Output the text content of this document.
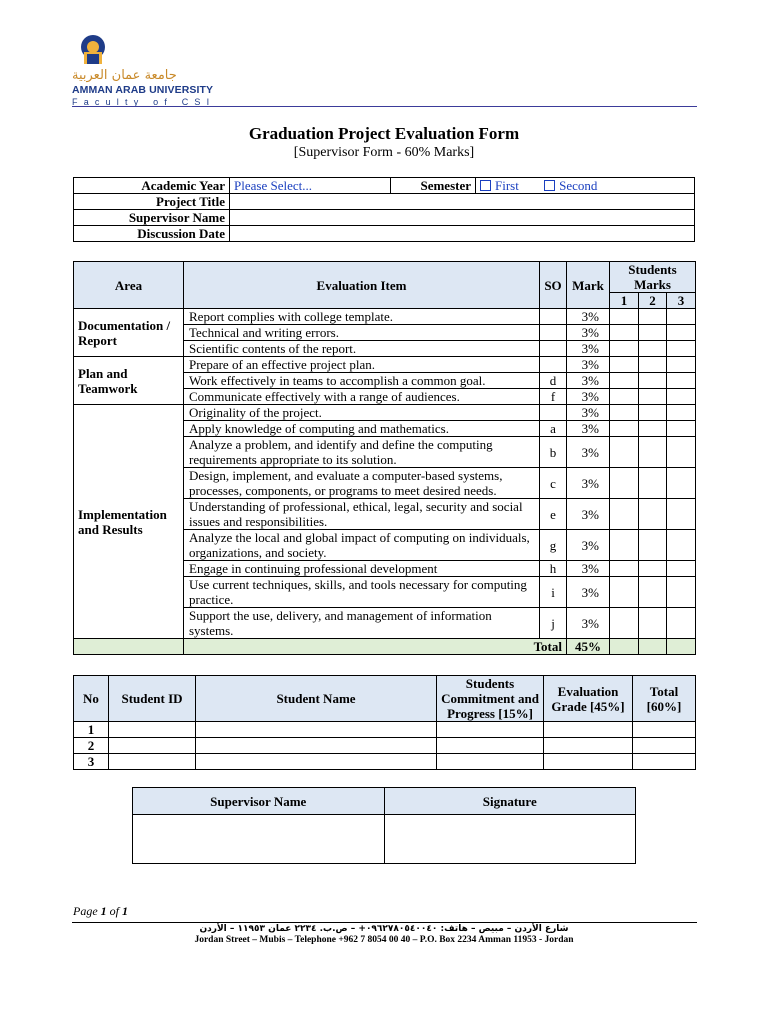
جامعة عمان العربية
AMMAN ARAB UNIVERSITY
Faculty of CSI
Graduation Project Evaluation Form
[Supervisor Form - 60% Marks]
Academic Year	Please Select...	Semester	First Second
Project Title			
Supervisor Name			
Discussion Date			
Area	Evaluation Item	SO	Mark	Students Marks		
				1	2	3
Documentation / Report	Report complies with college template.		3%			
	Technical and writing errors.		3%			
	Scientific contents of the report.		3%			
Plan and Teamwork	Prepare of an effective project plan.		3%			
	Work effectively in teams to accomplish a common goal.	d	3%			
	Communicate effectively with a range of audiences.	f	3%			
Implementation and Results	Originality of the project.		3%			
	Apply knowledge of computing and mathematics.	a	3%			
	Analyze a problem, and identify and define the computing requirements appropriate to its solution.	b	3%			
	Design, implement, and evaluate a computer-based systems, processes, components, or programs to meet desired needs.	c	3%			
	Understanding of professional, ethical, legal, security and social issues and responsibilities.	e	3%			
	Analyze the local and global impact of computing on individuals, organizations, and society.	g	3%			
	Engage in continuing professional development	h	3%			
	Use current techniques, skills, and tools necessary for computing practice.	i	3%			
	Support the use, delivery, and management of information systems.	j	3%			
	Total		45%			
No	Student ID	Student Name	Students Commitment and Progress [15%]	Evaluation Grade [45%]	Total [60%]
1					
2					
3					
Supervisor Name	Signature

Page 1 of 1
شارع الأردن – مبيص – هاتف: ٠٩٦٢٧٨٠٥٤٠٠٤٠+ – ص.ب. ٢٢٣٤ عمان ١١٩٥٣ – الأردن
Jordan Street – Mubis – Telephone +962 7 8054 00 40 – P.O. Box 2234 Amman 11953 - Jordan
